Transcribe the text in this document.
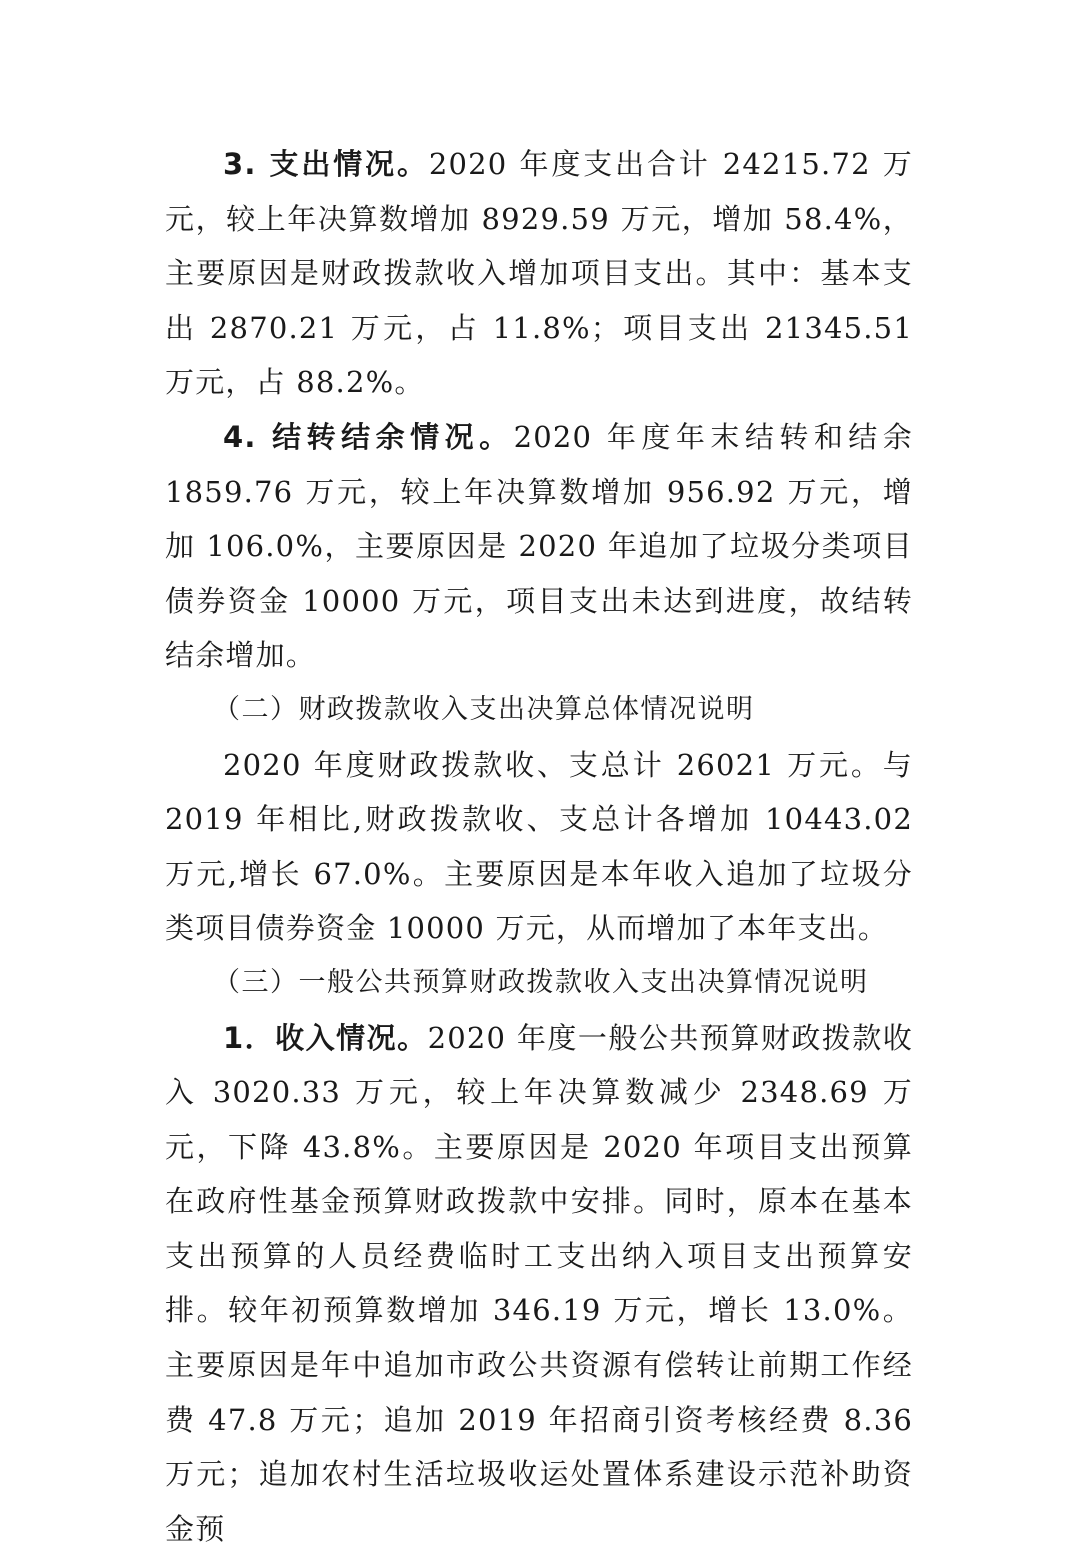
3. 支出情况。2020 年度支出合计 24215.72 万元，较上年决算数增加 8929.59 万元，增加 58.4%，主要原因是财政拨款收入增加项目支出。其中：基本支出 2870.21 万元，占 11.8%；项目支出 21345.51 万元，占 88.2%。

4. 结转结余情况。2020 年度年末结转和结余 1859.76 万元，较上年决算数增加 956.92 万元，增加 106.0%，主要原因是 2020 年追加了垃圾分类项目债券资金 10000 万元，项目支出未达到进度，故结转结余增加。

（二）财政拨款收入支出决算总体情况说明

2020 年度财政拨款收、支总计 26021 万元。与 2019 年相比,财政拨款收、支总计各增加 10443.02 万元,增长 67.0%。主要原因是本年收入追加了垃圾分类项目债券资金 10000 万元，从而增加了本年支出。

（三）一般公共预算财政拨款收入支出决算情况说明

1．收入情况。2020 年度一般公共预算财政拨款收入 3020.33 万元，较上年决算数减少 2348.69 万元，下降 43.8%。主要原因是 2020 年项目支出预算在政府性基金预算财政拨款中安排。同时，原本在基本支出预算的人员经费临时工支出纳入项目支出预算安排。较年初预算数增加 346.19 万元，增长 13.0%。主要原因是年中追加市政公共资源有偿转让前期工作经费 47.8 万元；追加 2019 年招商引资考核经费 8.36 万元；追加农村生活垃圾收运处置体系建设示范补助资金预
